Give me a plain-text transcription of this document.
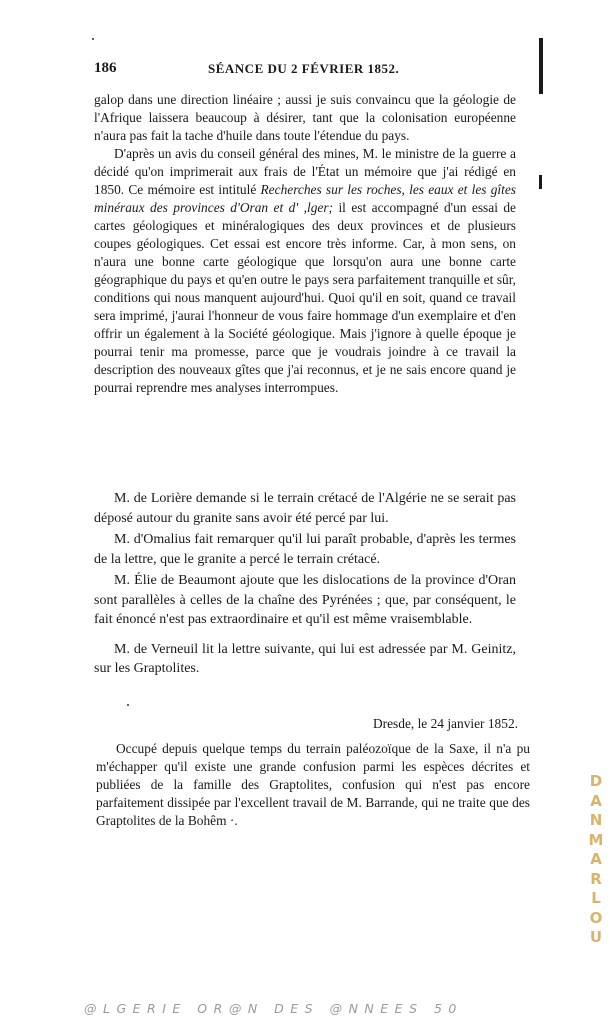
186	SÉANCE DU 2 FÉVRIER 1852.

galop dans une direction linéaire ; aussi je suis convaincu que la géologie de l'Afrique laissera beaucoup à désirer, tant que la colonisation européenne n'aura pas fait la tache d'huile dans toute l'étendue du pays.

D'après un avis du conseil général des mines, M. le ministre de la guerre a décidé qu'on imprimerait aux frais de l'État un mémoire que j'ai rédigé en 1850. Ce mémoire est intitulé Recherches sur les roches, les eaux et les gîtes minéraux des provinces d'Oran et d' ,lger; il est accompagné d'un essai de cartes géologiques et minéralogiques des deux provinces et de plusieurs coupes géologiques. Cet essai est encore très informe. Car, à mon sens, on n'aura une bonne carte géologique que lorsqu'on aura une bonne carte géographique du pays et qu'en outre le pays sera parfaitement tranquille et sûr, conditions qui nous manquent aujourd'hui. Quoi qu'il en soit, quand ce travail sera imprimé, j'aurai l'honneur de vous faire hommage d'un exemplaire et d'en offrir un également à la Société géologique. Mais j'ignore à quelle époque je pourrai tenir ma promesse, parce que je voudrais joindre à ce travail la description des nouveaux gîtes que j'ai reconnus, et je ne sais encore quand je pourrai reprendre mes analyses interrompues.

M. de Lorière demande si le terrain crétacé de l'Algérie ne se serait pas déposé autour du granite sans avoir été percé par lui.

M. d'Omalius fait remarquer qu'il lui paraît probable, d'après les termes de la lettre, que le granite a percé le terrain crétacé.

M. Élie de Beaumont ajoute que les dislocations de la province d'Oran sont parallèles à celles de la chaîne des Pyrénées ; que, par conséquent, le fait énoncé n'est pas extraordinaire et qu'il est même vraisemblable.

M. de Verneuil lit la lettre suivante, qui lui est adressée par M. Geinitz, sur les Graptolites.

Dresde, le 24 janvier 1852.

Occupé depuis quelque temps du terrain paléozoïque de la Saxe, il n'a pu m'échapper qu'il existe une grande confusion parmi les espèces décrites et publiées de la famille des Graptolites, confusion qui n'est pas encore parfaitement dissipée par l'excellent travail de M. Barrande, qui ne traite que des Graptolites de la Bohêm ·.

DANMARLOU
@LGERIE OR@N DES @NNEES 50
